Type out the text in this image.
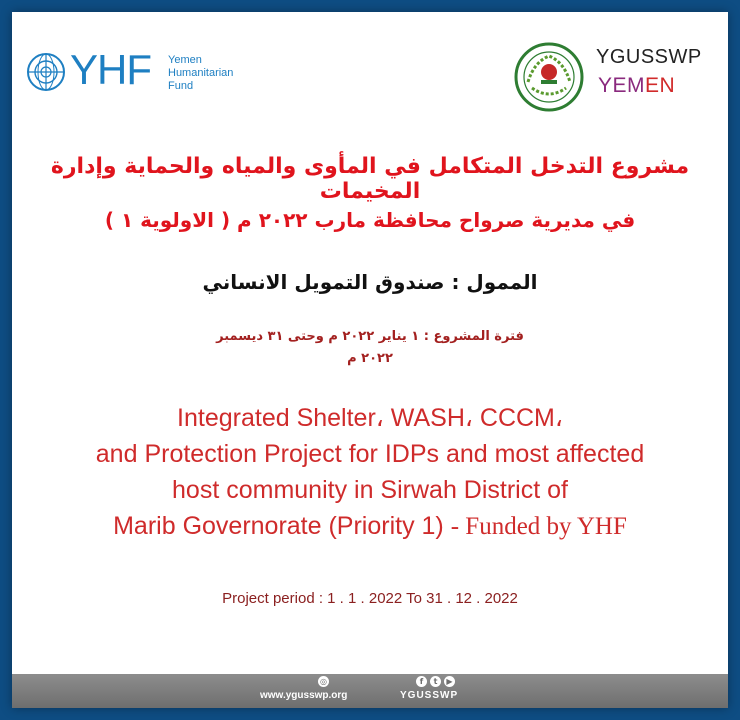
YHF Yemen
Humanitarian
Fund
YGUSSWP
YEMEN
مشروع التدخل المتكامل في المأوى والمياه والحماية وإدارة المخيمات
في مديرية صرواح محافظة مارب ٢٠٢٢ م ( الاولوية ١ )
الممول : صندوق التمويل الانساني
فترة المشروع : ١ يناير ٢٠٢٢ م وحتى ٣١ ديسمبر
٢٠٢٢ م
Integrated Shelter، WASH، CCCM،
and Protection Project for IDPs and most affected
host community in Sirwah District of
Marib Governorate (Priority 1) - Funded by YHF
Project period : 1 . 1 . 2022 To 31 . 12 . 2022
◎	f	t	▶
www.ygusswp.org	YGUSSWP
